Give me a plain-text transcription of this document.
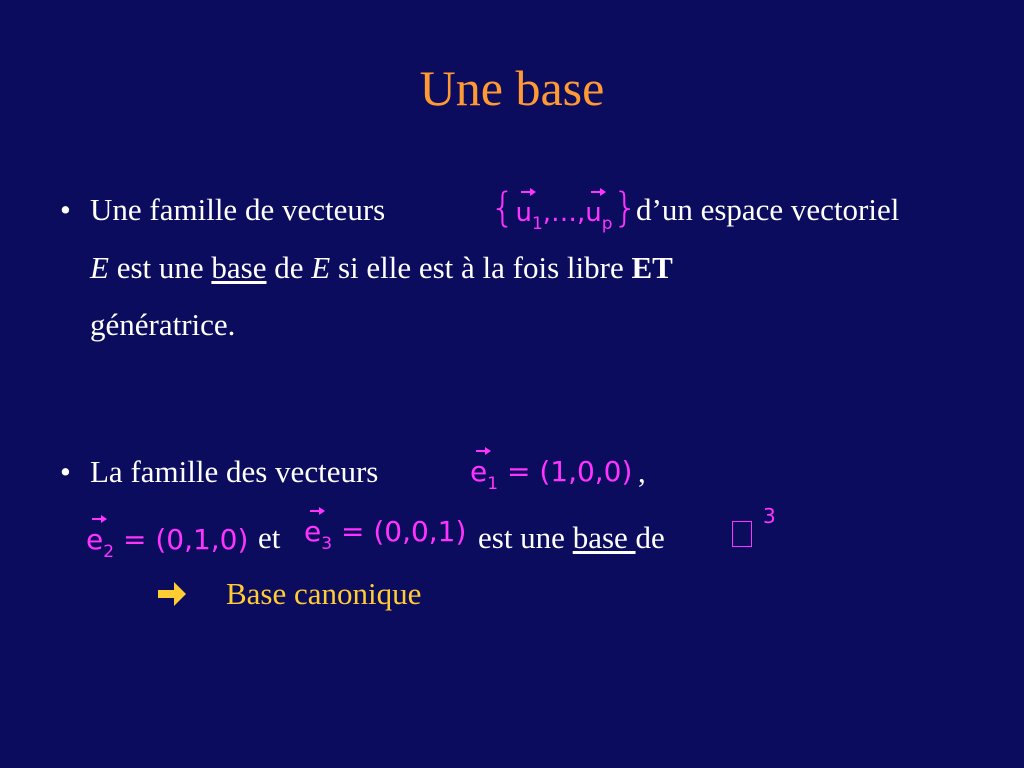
Une base
• Une famille de vecteurs	$\{u_1,\dots,u_p\}$
d’un espace vectoriel
E est une base de E si elle est à la fois libre ET
génératrice.
• La famille des vecteurs	$e_1 = (1,0,0)$ ,
$e_2 = (0,1,0)$ et $e_3 = (0,0,1)$ est une base de
3
Base canonique
